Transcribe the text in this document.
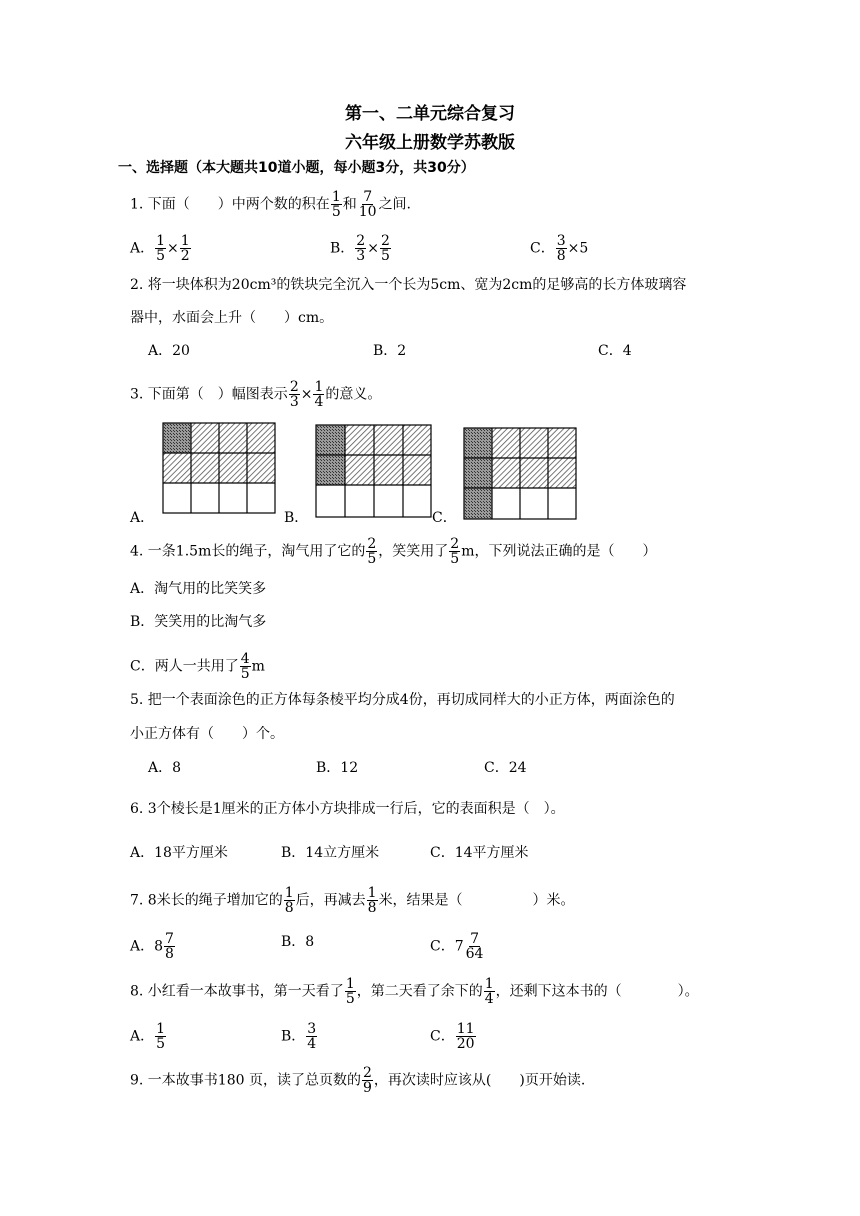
第一、二单元综合复习
六年级上册数学苏教版
一、选择题（本大题共10道小题，每小题3分，共30分）
1. 下面（　　）中两个数的积在 $\frac{1}{5}$ 和 $\frac{7}{10}$ 之间.
A． $\frac{1}{5} \times \frac{1}{2}$	B． $\frac{2}{3} \times \frac{2}{5}$	C． $\frac{3}{8} \times 5$
2. 将一块体积为20cm³的铁块完全沉入一个长为5cm、宽为2cm的足够高的长方体玻璃容
器中，水面会上升（　　）cm。
A．20	B．2	C．4
3. 下面第（　）幅图表示 $\frac{2}{3} \times \frac{1}{4}$ 的意义。
A．	B．	C．
4. 一条1.5m长的绳子，淘气用了它的 $\frac{2}{5}$ ，笑笑用了 $\frac{2}{5}$ m，下列说法正确的是（　　）
A．淘气用的比笑笑多
B．笑笑用的比淘气多
C．两人一共用了 $\frac{4}{5}$ m
5. 把一个表面涂色的正方体每条棱平均分成4份，再切成同样大的小正方体，两面涂色的
小正方体有（　　）个。
A．8	B．12	C．24
6. 3个棱长是1厘米的正方体小方块排成一行后，它的表面积是（　）。
A．18平方厘米	B．14立方厘米	C．14平方厘米
7. 8米长的绳子增加它的 $\frac{1}{8}$ 后，再减去 $\frac{1}{8}$ 米，结果是（　　　　　）米。
A．$8 \frac{7}{8}$	B．8	C．$7 \frac{7}{64}$
8. 小红看一本故事书，第一天看了 $\frac{1}{5}$ ，第二天看了余下的 $\frac{1}{4}$ ，还剩下这本书的（　　　　）。
A． $\frac{1}{5}$	B． $\frac{3}{4}$	C． $\frac{11}{20}$
9. 一本故事书180 页，读了总页数的 $\frac{2}{9}$ ，再次读时应该从(　　)页开始读.
